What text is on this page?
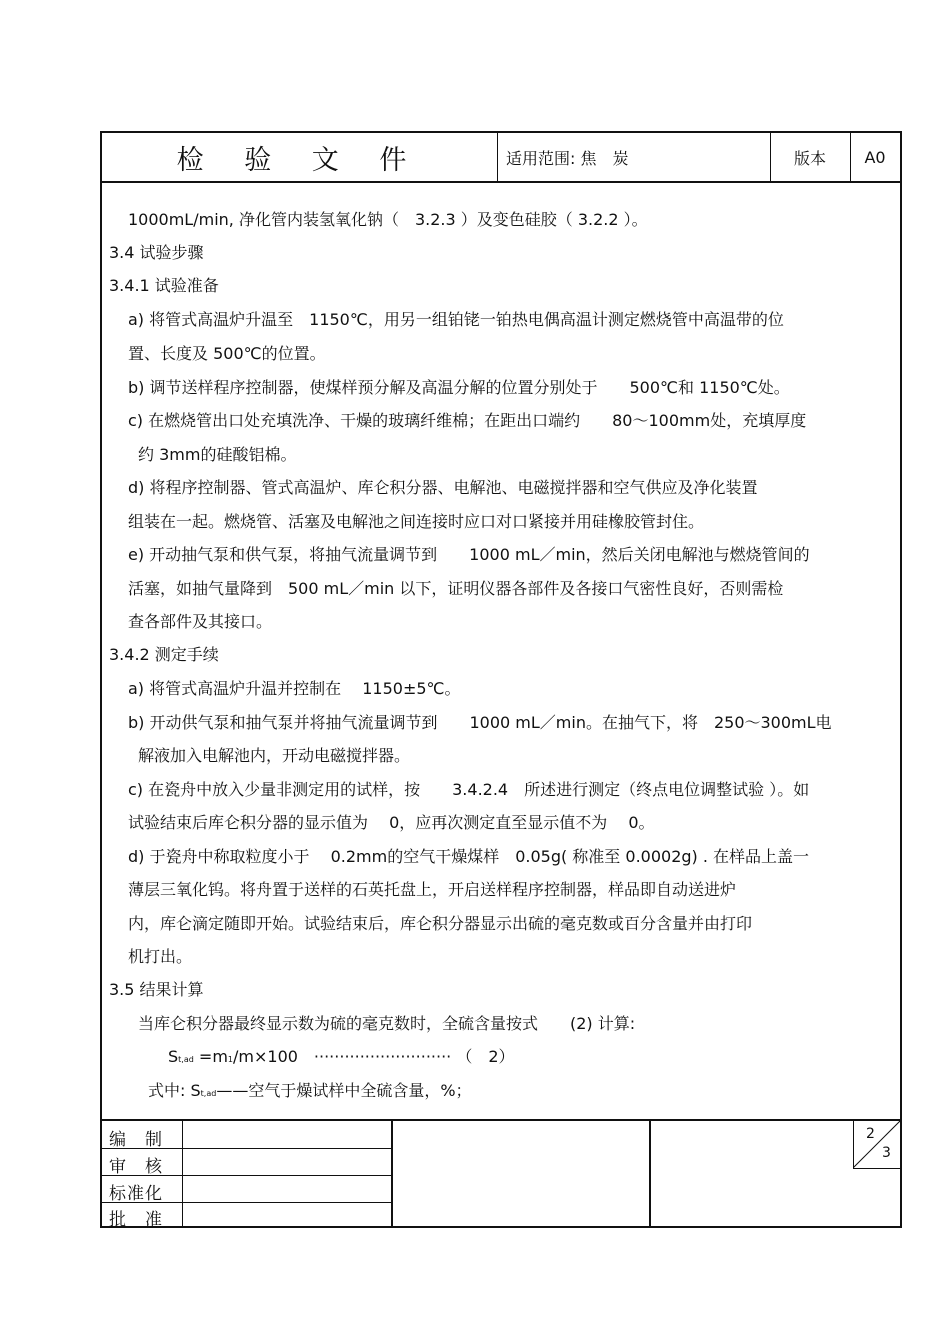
检 验 文 件	适用范围: 焦　炭	版本	A0
1000mL/min, 净化管内装氢氧化钠（　3.2.3 ）及变色硅胶（ 3.2.2 ）。
3.4 试验步骤
3.4.1 试验准备
a) 将管式高温炉升温至　1150℃，用另一组铂铑一铂热电偶高温计测定燃烧管中高温带的位
置、长度及 500℃的位置。
b) 调节送样程序控制器，使煤样预分解及高温分解的位置分别处于　　500℃和 1150℃处。
c) 在燃烧管出口处充填洗净、干燥的玻璃纤维棉；在距出口端约　　80～100mm处，充填厚度
约 3mm的硅酸铝棉。
d) 将程序控制器、管式高温炉、库仑积分器、电解池、电磁搅拌器和空气供应及净化装置
组装在一起。燃烧管、活塞及电解池之间连接时应口对口紧接并用硅橡胶管封住。
e) 开动抽气泵和供气泵，将抽气流量调节到　　1000 mL／min，然后关闭电解池与燃烧管间的
活塞，如抽气量降到　500 mL／min 以下，证明仪器各部件及各接口气密性良好，否则需检
查各部件及其接口。
3.4.2 测定手续
a) 将管式高温炉升温并控制在　 1150±5℃。
b) 开动供气泵和抽气泵并将抽气流量调节到　　1000 mL／min。在抽气下，将　250～300mL电
解液加入电解池内，开动电磁搅拌器。
c) 在瓷舟中放入少量非测定用的试样，按　　3.4.2.4　所述进行测定（终点电位调整试验 ）。如
试验结束后库仑积分器的显示值为　 0，应再次测定直至显示值不为　 0。
d) 于瓷舟中称取粒度小于　 0.2mm的空气干燥煤样　0.05g( 称准至 0.0002g) . 在样品上盖一
薄层三氧化钨。将舟置于送样的石英托盘上，开启送样程序控制器，样品即自动送进炉
内，库仑滴定随即开始。试验结束后，库仑积分器显示出硫的毫克数或百分含量并由打印
机打出。
3.5 结果计算
当库仑积分器最终显示数为硫的毫克数时，全硫含量按式　　(2) 计算:
St,ad =m1/m×100　··························· （　2）
式中: St,ad——空气于燥试样中全硫含量，%；
编　制
审　核
标准化
批　准
2
3
